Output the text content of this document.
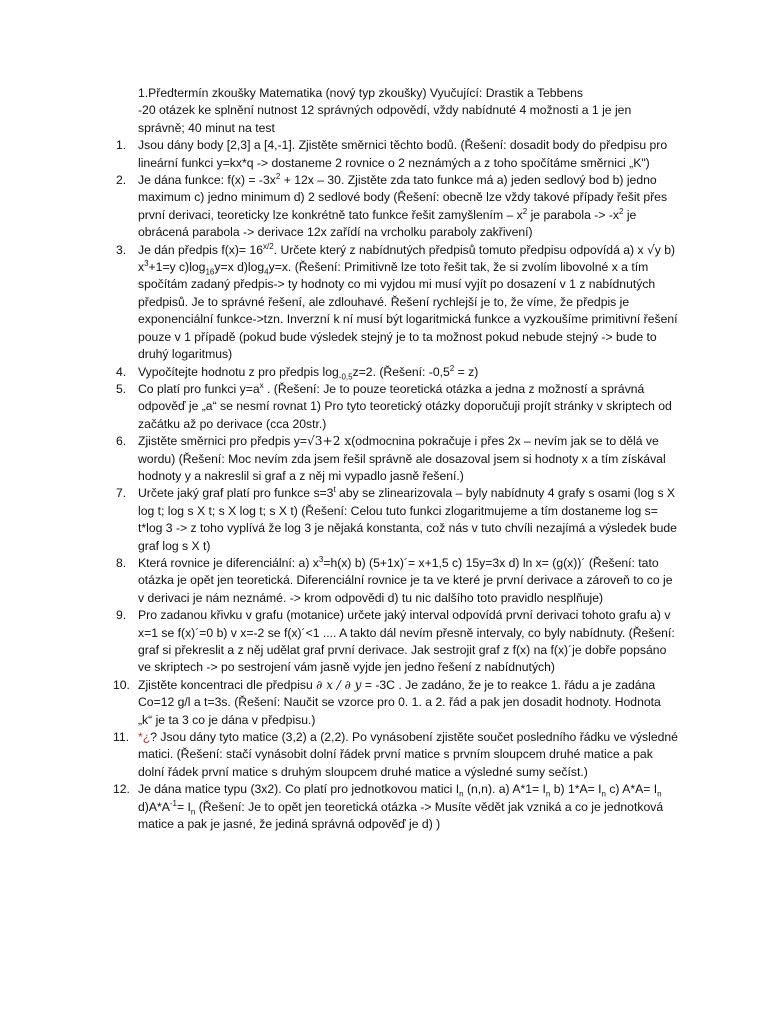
1.Předtermín zkoušky Matematika (nový typ zkoušky) Vyučující: Drastik a Tebbens

-20 otázek ke splnění nutnost 12 správných odpovědí, vždy nabídnuté 4 možnosti a 1 je jen správně; 40 minut na test

1. Jsou dány body [2,3] a [4,-1]. Zjistěte směrnici těchto bodů. (Řešení: dosadit body do předpisu pro lineární funkci y=kx*q -> dostaneme 2 rovnice o 2 neznámých a z toho spočítáme směrnici „K")
2. Je dána funkce: $f(x) = -3x^2 + 12x - 30$. Zjistěte zda tato funkce má a) jeden sedlový bod b) jedno maximum c) jedno minimum d) 2 sedlové body (Řešení: obecně lze vždy takové případy řešit přes první derivaci, teoreticky lze konkrétně tato funkce řešit zamyšlením – $x^2$ je parabola -> $-x^2$ je obrácená parabola -> derivace 12x zařídí na vrcholku paraboly zakřivení)
3. Je dán předpis $f(x)= 16^{x/2}$. Určete který z nabídnutých předpisů tomuto předpisu odpovídá a) x √y b) $x^3+1=y$ $c)\log_{16}y=x$ $d)\log_4y=x$. (Řešení: Primitivně lze toto řešit tak, že si zvolím libovolné x a tím spočítám zadaný předpis-> ty hodnoty co mi vyjdou mi musí vyjít po dosazení v 1 z nabídnutých předpisů. Je to správné řešení, ale zdlouhavé. Řešení rychlejší je to, že víme, že předpis je exponenciální funkce->tzn. Inverzní k ní musí být logaritmická funkce a vyzkoušíme primitivní řešení pouze v 1 případě (pokud bude výsledek stejný je to ta možnost pokud nebude stejný -> bude to druhý logaritmus)
4. Vypočítejte hodnotu z pro předpis $\log_{-0,5}z=2$. (Řešení: $-0,5^2 = z$)
5. Co platí pro funkci $y=a^x$ . (Řešení: Je to pouze teoretická otázka a jedna z možností a správná odpověď je „a“ se nesmí rovnat 1) Pro tyto teoretický otázky doporučuji projít stránky v skriptech od začátku až po derivace (cca 20str.)
6. Zjistěte směrnici pro předpis y=√3+2 x(odmocnina pokračuje i přes 2x – nevím jak se to dělá ve wordu) (Řešení: Moc nevím zda jsem řešil správně ale dosazoval jsem si hodnoty x a tím získával hodnoty y a nakreslil si graf a z něj mi vypadlo jasně řešení.)
7. Určete jaký graf platí pro funkce $s=3^t$ aby se zlinearizovala – byly nabídnuty 4 grafy s osami (log s X log t; log s X t; s X log t; s X t) (Řešení: Celou tuto funkci zlogaritmujeme a tím dostaneme log s= t*log 3 -> z toho vyplívá že log 3 je nějaká konstanta, což nás v tuto chvíli nezajímá a výsledek bude graf log s X t)
8. Která rovnice je diferenciální: a) $x^3=h(x)$ b) (5+1x)´= x+1,5 c) 15y=3x d) ln x= (g(x))´ (Řešení: tato otázka je opět jen teoretická. Diferenciální rovnice je ta ve které je první derivace a zároveň to co je v derivaci je nám neznámé. -> krom odpovědi d) tu nic dalšího toto pravidlo nesplňuje)
9. Pro zadanou křivku v grafu (motanice) určete jaký interval odpovídá první derivaci tohoto grafu a) v x=1 se f(x)´=0 b) v x=-2 se f(x)´<1 .... A takto dál nevím přesně intervaly, co byly nabídnuty. (Řešení: graf si překreslit a z něj udělat graf první derivace. Jak sestrojit graf z f(x) na f(x)´je dobře popsáno ve skriptech -> po sestrojení vám jasně vyjde jen jedno řešení z nabídnutých)
10. Zjistěte koncentraci dle předpisu ∂ x / ∂ y = -3C . Je zadáno, že je to reakce 1. řádu a je zadána Co=12 g/l a t=3s. (Řešení: Naučit se vzorce pro 0. 1. a 2. řád a pak jen dosadit hodnoty. Hodnota „k“ je ta 3 co je dána v předpisu.)
11. *¿? Jsou dány tyto matice (3,2) a (2,2). Po vynásobení zjistěte součet posledního řádku ve výsledné matici. (Řešení: stačí vynásobit dolní řádek první matice s prvním sloupcem druhé matice a pak dolní řádek první matice s druhým sloupcem druhé matice a výsledné sumy sečíst.)
12. Je dána matice typu (3x2). Co platí pro jednotkovou matici $I_n$ (n,n). a) $A*1= I_n$ b) $1*A= I_n$ c) $A*A= I_n$ $d)A*A^{-1}= I_n$ (Řešení: Je to opět jen teoretická otázka -> Musíte vědět jak vzniká a co je jednotková matice a pak je jasné, že jediná správná odpověď je d) )
